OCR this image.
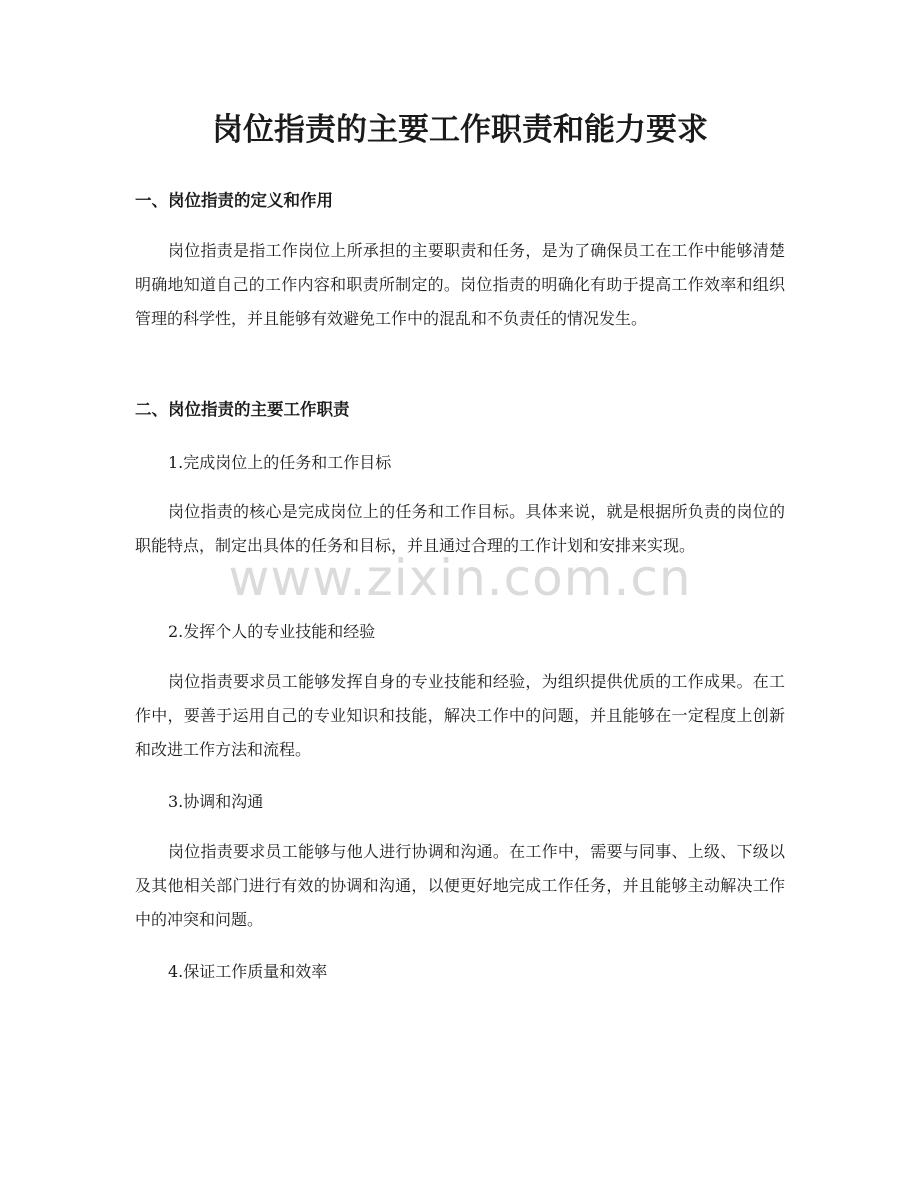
岗位指责的主要工作职责和能力要求
一、岗位指责的定义和作用

岗位指责是指工作岗位上所承担的主要职责和任务，是为了确保员工在工作中能够清楚明确地知道自己的工作内容和职责所制定的。岗位指责的明确化有助于提高工作效率和组织管理的科学性，并且能够有效避免工作中的混乱和不负责任的情况发生。

二、岗位指责的主要工作职责
1.完成岗位上的任务和工作目标

岗位指责的核心是完成岗位上的任务和工作目标。具体来说，就是根据所负责的岗位的职能特点，制定出具体的任务和目标，并且通过合理的工作计划和安排来实现。

2.发挥个人的专业技能和经验

岗位指责要求员工能够发挥自身的专业技能和经验，为组织提供优质的工作成果。在工作中，要善于运用自己的专业知识和技能，解决工作中的问题，并且能够在一定程度上创新和改进工作方法和流程。

3.协调和沟通

岗位指责要求员工能够与他人进行协调和沟通。在工作中，需要与同事、上级、下级以及其他相关部门进行有效的协调和沟通，以便更好地完成工作任务，并且能够主动解决工作中的冲突和问题。

4.保证工作质量和效率
www.zixin.com.cn
